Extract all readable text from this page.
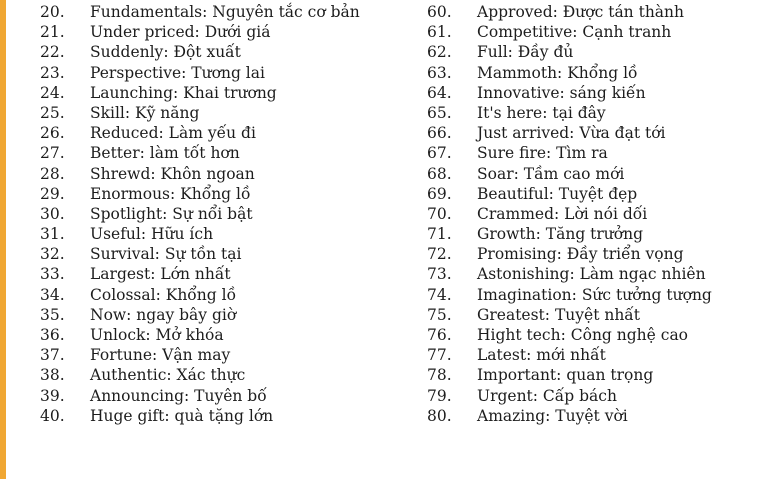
20.	Fundamentals: Nguyên tắc cơ bản
21.	Under priced: Dưới giá
22.	Suddenly: Đột xuất
23.	Perspective: Tương lai
24.	Launching: Khai trương
25.	Skill: Kỹ năng
26.	Reduced: Làm yếu đi
27.	Better: làm tốt hơn
28.	Shrewd: Khôn ngoan
29.	Enormous: Khổng lồ
30.	Spotlight: Sự nổi bật
31.	Useful: Hữu ích
32.	Survival: Sự tồn tại
33.	Largest: Lớn nhất
34.	Colossal: Khổng lồ
35.	Now: ngay bây giờ
36.	Unlock: Mở khóa
37.	Fortune: Vận may
38.	Authentic: Xác thực
39.	Announcing: Tuyên bố
40.	Huge gift: quà tặng lớn
60.	Approved: Được tán thành
61.	Competitive: Cạnh tranh
62.	Full: Đầy đủ
63.	Mammoth: Khổng lồ
64.	Innovative: sáng kiến
65.	It's here: tại đây
66.	Just arrived: Vừa đạt tới
67.	Sure fire: Tìm ra
68.	Soar: Tầm cao mới
69.	Beautiful: Tuyệt đẹp
70.	Crammed: Lời nói dối
71.	Growth: Tăng trưởng
72.	Promising: Đầy triển vọng
73.	Astonishing: Làm ngạc nhiên
74.	Imagination: Sức tưởng tượng
75.	Greatest: Tuyệt nhất
76.	Hight tech: Công nghệ cao
77.	Latest: mới nhất
78.	Important: quan trọng
79.	Urgent: Cấp bách
80.	Amazing: Tuyệt vời
